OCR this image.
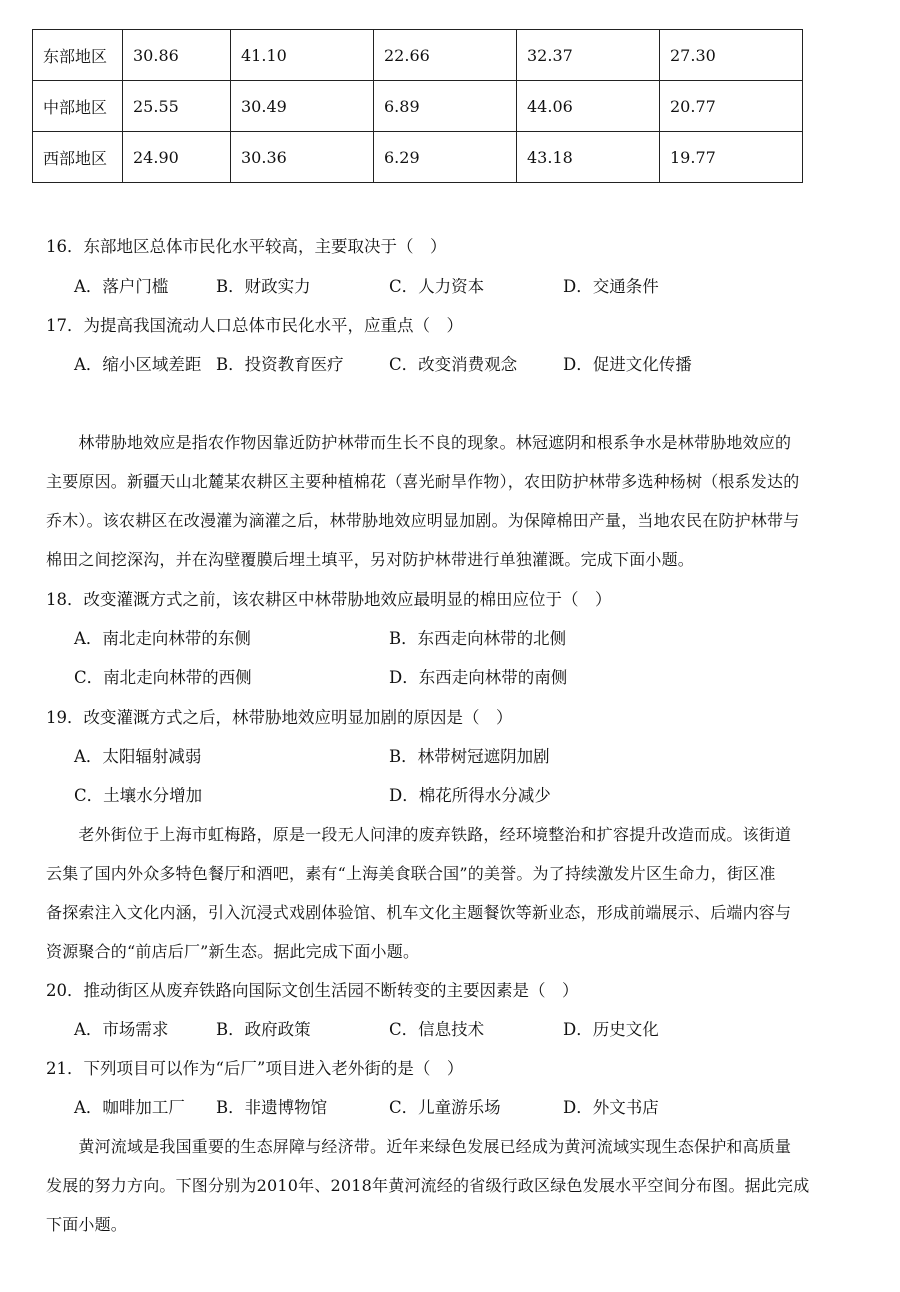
东部地区	30.86	41.10	22.66	32.37	27.30
中部地区	25.55	30.49	6.89	44.06	20.77
西部地区	24.90	30.36	6.29	43.18	19.77
16．东部地区总体市民化水平较高，主要取决于（　）
A．落户门槛	B．财政实力	C．人力资本	D．交通条件
17．为提高我国流动人口总体市民化水平，应重点（　）
A．缩小区域差距 B．投资教育医疗	C．改变消费观念	D．促进文化传播
　　林带胁地效应是指农作物因靠近防护林带而生长不良的现象。林冠遮阴和根系争水是林带胁地效应的
主要原因。新疆天山北麓某农耕区主要种植棉花（喜光耐旱作物），农田防护林带多选种杨树（根系发达的
乔木）。该农耕区在改漫灌为滴灌之后，林带胁地效应明显加剧。为保障棉田产量，当地农民在防护林带与
棉田之间挖深沟，并在沟壁覆膜后埋土填平，另对防护林带进行单独灌溉。完成下面小题。
18．改变灌溉方式之前，该农耕区中林带胁地效应最明显的棉田应位于（　）
A．南北走向林带的东侧	B．东西走向林带的北侧
C．南北走向林带的西侧	D．东西走向林带的南侧
19．改变灌溉方式之后，林带胁地效应明显加剧的原因是（　）
A．太阳辐射减弱	B．林带树冠遮阴加剧
C．土壤水分增加	D．棉花所得水分减少
　　老外街位于上海市虹梅路，原是一段无人问津的废弃铁路，经环境整治和扩容提升改造而成。该街道
云集了国内外众多特色餐厅和酒吧，素有“上海美食联合国”的美誉。为了持续激发片区生命力，街区准
备探索注入文化内涵，引入沉浸式戏剧体验馆、机车文化主题餐饮等新业态，形成前端展示、后端内容与
资源聚合的“前店后厂”新生态。据此完成下面小题。
20．推动街区从废弃铁路向国际文创生活园不断转变的主要因素是（　）
A．市场需求	B．政府政策	C．信息技术	D．历史文化
21．下列项目可以作为“后厂”项目进入老外街的是（　）
A．咖啡加工厂 B．非遗博物馆	C．儿童游乐场	D．外文书店
　　黄河流域是我国重要的生态屏障与经济带。近年来绿色发展已经成为黄河流域实现生态保护和高质量
发展的努力方向。下图分别为2010年、2018年黄河流经的省级行政区绿色发展水平空间分布图。据此完成
下面小题。
